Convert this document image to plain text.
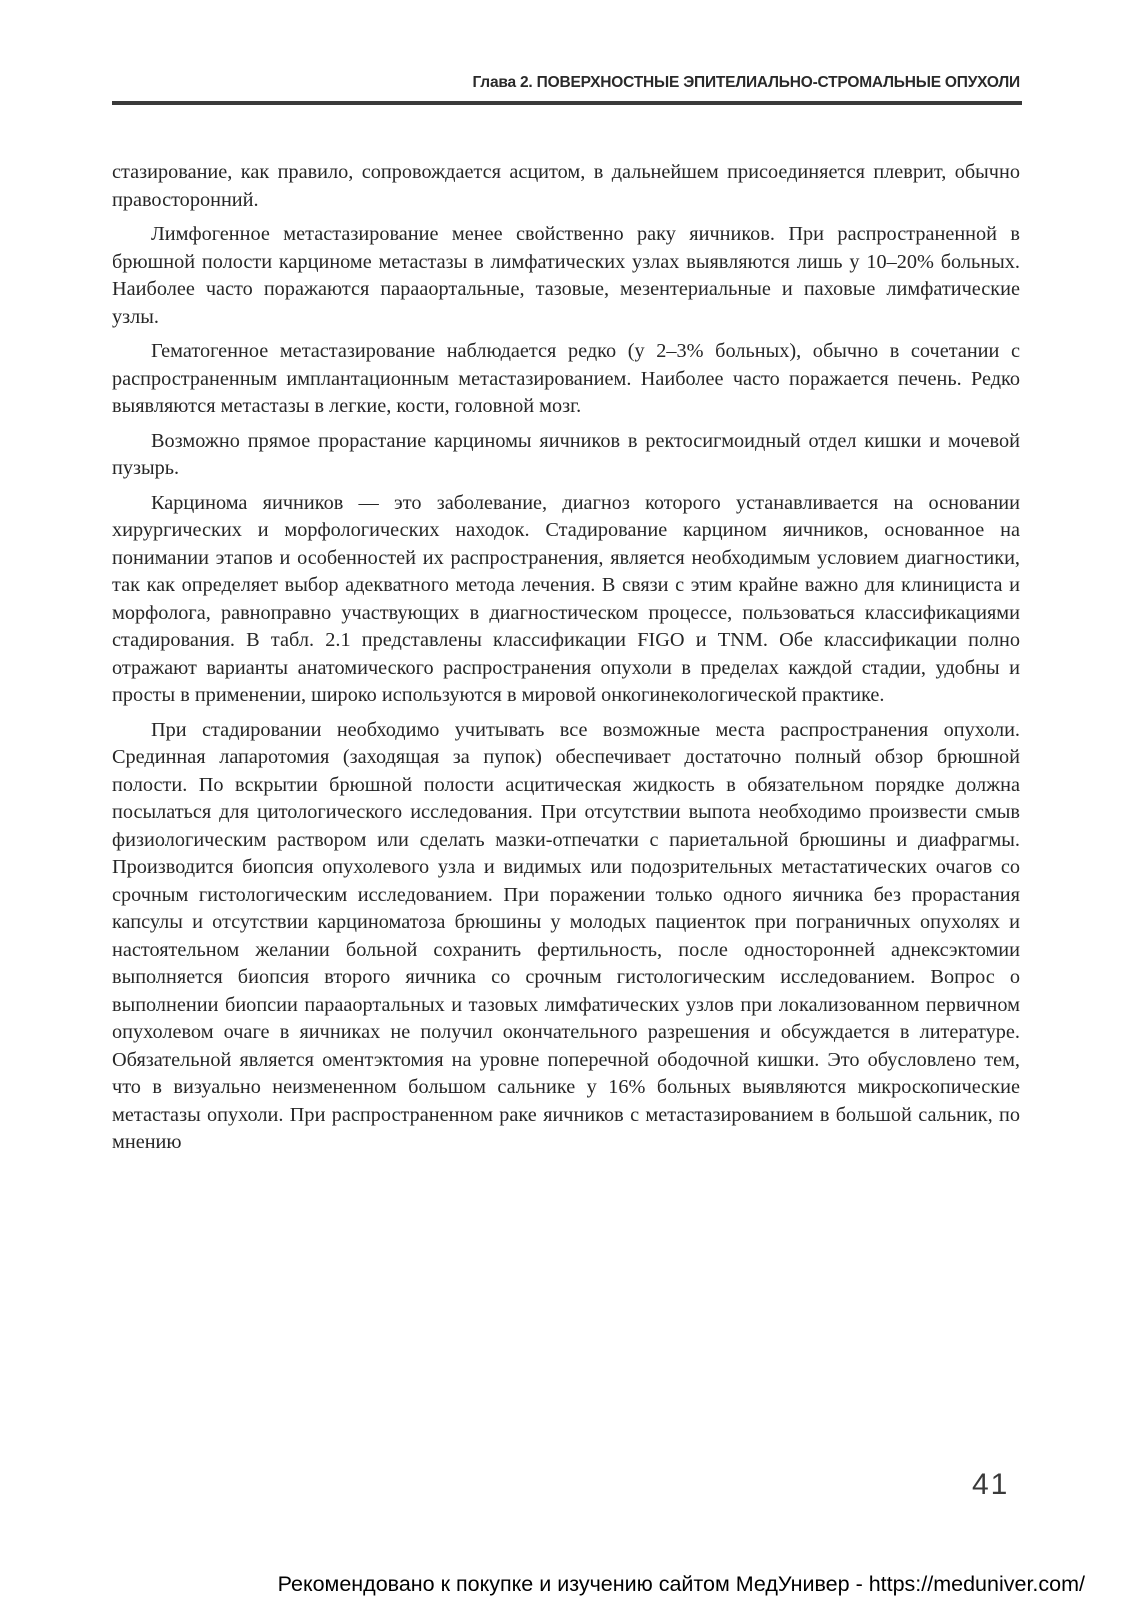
Глава 2. ПОВЕРХНОСТНЫЕ ЭПИТЕЛИАЛЬНО-СТРОМАЛЬНЫЕ ОПУХОЛИ

стазирование, как правило, сопровождается асцитом, в дальнейшем присоединяется плеврит, обычно правосторонний.

Лимфогенное метастазирование менее свойственно раку яичников. При распространенной в брюшной полости карциноме метастазы в лимфатических узлах выявляются лишь у 10–20% больных. Наиболее часто поражаются парааортальные, тазовые, мезентериальные и паховые лимфатические узлы.

Гематогенное метастазирование наблюдается редко (у 2–3% больных), обычно в сочетании с распространенным имплантационным метастазированием. Наиболее часто поражается печень. Редко выявляются метастазы в легкие, кости, головной мозг.

Возможно прямое прорастание карциномы яичников в ректосигмоидный отдел кишки и мочевой пузырь.

Карцинома яичников — это заболевание, диагноз которого устанавливается на основании хирургических и морфологических находок. Стадирование карцином яичников, основанное на понимании этапов и особенностей их распространения, является необходимым условием диагностики, так как определяет выбор адекватного метода лечения. В связи с этим крайне важно для клинициста и морфолога, равноправно участвующих в диагностическом процессе, пользоваться классификациями стадирования. В табл. 2.1 представлены классификации FIGO и TNM. Обе классификации полно отражают варианты анатомического распространения опухоли в пределах каждой стадии, удобны и просты в применении, широко используются в мировой онкогинекологической практике.

При стадировании необходимо учитывать все возможные места распространения опухоли. Срединная лапаротомия (заходящая за пупок) обеспечивает достаточно полный обзор брюшной полости. По вскрытии брюшной полости асцитическая жидкость в обязательном порядке должна посылаться для цитологического исследования. При отсутствии выпота необходимо произвести смыв физиологическим раствором или сделать мазки-отпечатки с париетальной брюшины и диафрагмы. Производится биопсия опухолевого узла и видимых или подозрительных метастатических очагов со срочным гистологическим исследованием. При поражении только одного яичника без прорастания капсулы и отсутствии карциноматоза брюшины у молодых пациенток при пограничных опухолях и настоятельном желании больной сохранить фертильность, после односторонней аднексэктомии выполняется биопсия второго яичника со срочным гистологическим исследованием. Вопрос о выполнении биопсии парааортальных и тазовых лимфатических узлов при локализованном первичном опухолевом очаге в яичниках не получил окончательного разрешения и обсуждается в литературе. Обязательной является оментэктомия на уровне поперечной ободочной кишки. Это обусловлено тем, что в визуально неизмененном большом сальнике у 16% больных выявляются микроскопические метастазы опухоли. При распространенном раке яичников с метастазированием в большой сальник, по мнению

41
Рекомендовано к покупке и изучению сайтом МедУнивер - https://meduniver.com/
